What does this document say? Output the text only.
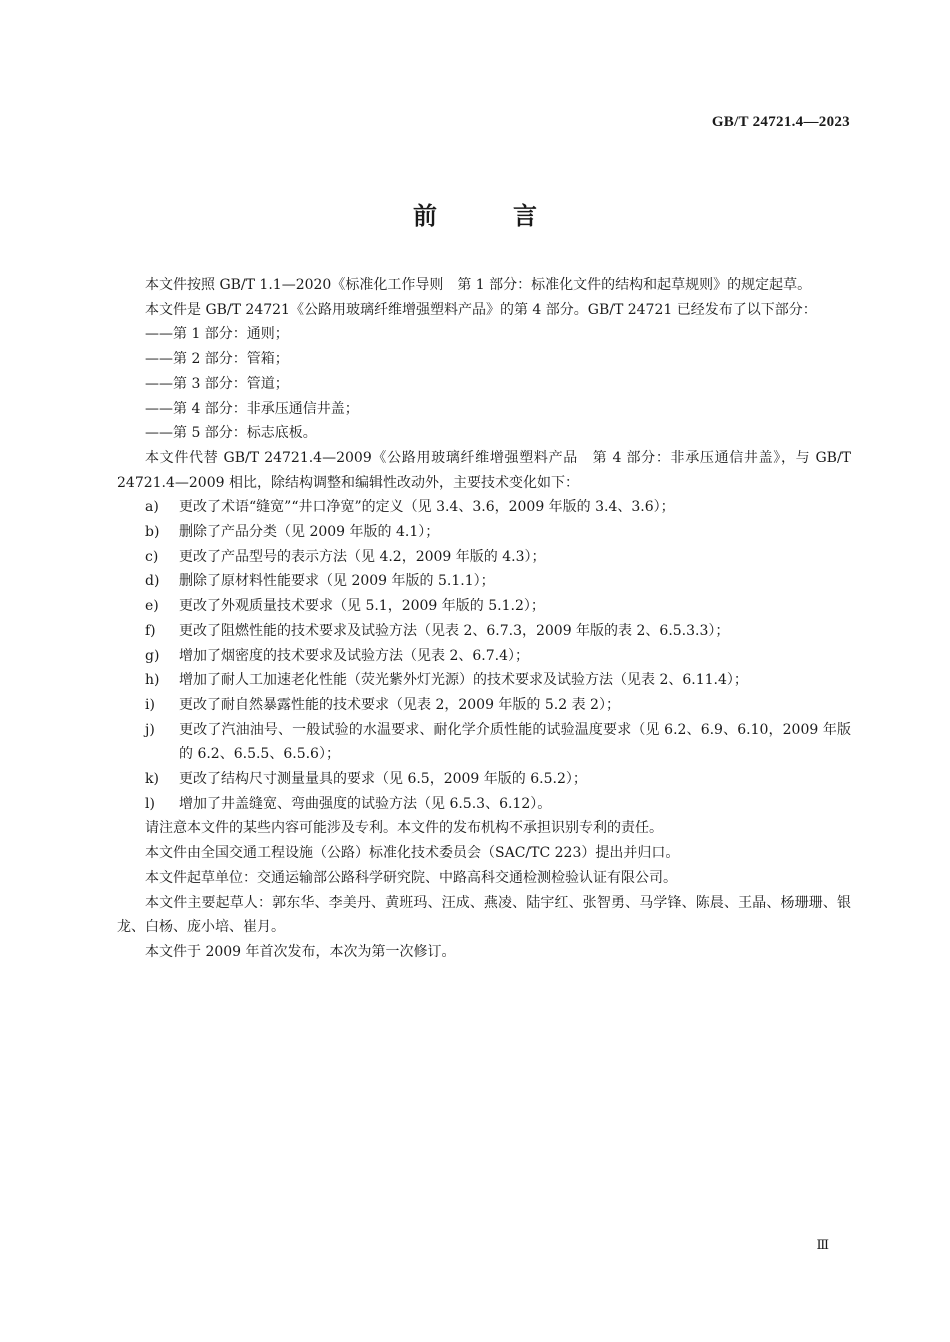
GB/T 24721.4—2023
前　言

本文件按照 GB/T 1.1—2020《标准化工作导则　第 1 部分：标准化文件的结构和起草规则》的规定起草。

本文件是 GB/T 24721《公路用玻璃纤维增强塑料产品》的第 4 部分。GB/T 24721 已经发布了以下部分：

——第 1 部分：通则；

——第 2 部分：管箱；

——第 3 部分：管道；

——第 4 部分：非承压通信井盖；

——第 5 部分：标志底板。

本文件代替 GB/T 24721.4—2009《公路用玻璃纤维增强塑料产品　第 4 部分：非承压通信井盖》，与 GB/T 24721.4—2009 相比，除结构调整和编辑性改动外，主要技术变化如下：

a) 更改了术语“缝宽”“井口净宽”的定义（见 3.4、3.6，2009 年版的 3.4、3.6）；

b) 删除了产品分类（见 2009 年版的 4.1）；

c) 更改了产品型号的表示方法（见 4.2，2009 年版的 4.3）；

d) 删除了原材料性能要求（见 2009 年版的 5.1.1）；

e) 更改了外观质量技术要求（见 5.1，2009 年版的 5.1.2）；

f) 更改了阻燃性能的技术要求及试验方法（见表 2、6.7.3，2009 年版的表 2、6.5.3.3）；

g) 增加了烟密度的技术要求及试验方法（见表 2、6.7.4）；

h) 增加了耐人工加速老化性能（荧光紫外灯光源）的技术要求及试验方法（见表 2、6.11.4）；

i) 更改了耐自然暴露性能的技术要求（见表 2，2009 年版的 5.2 表 2）；

j) 更改了汽油油号、一般试验的水温要求、耐化学介质性能的试验温度要求（见 6.2、6.9、6.10，2009 年版的 6.2、6.5.5、6.5.6）；

k) 更改了结构尺寸测量量具的要求（见 6.5，2009 年版的 6.5.2）；

l) 增加了井盖缝宽、弯曲强度的试验方法（见 6.5.3、6.12）。

请注意本文件的某些内容可能涉及专利。本文件的发布机构不承担识别专利的责任。

本文件由全国交通工程设施（公路）标准化技术委员会（SAC/TC 223）提出并归口。

本文件起草单位：交通运输部公路科学研究院、中路高科交通检测检验认证有限公司。

本文件主要起草人：郭东华、李美丹、黄班玛、汪成、燕凌、陆宇红、张智勇、马学锋、陈晨、王晶、杨珊珊、银龙、白杨、庞小培、崔月。

本文件于 2009 年首次发布，本次为第一次修订。

Ⅲ
